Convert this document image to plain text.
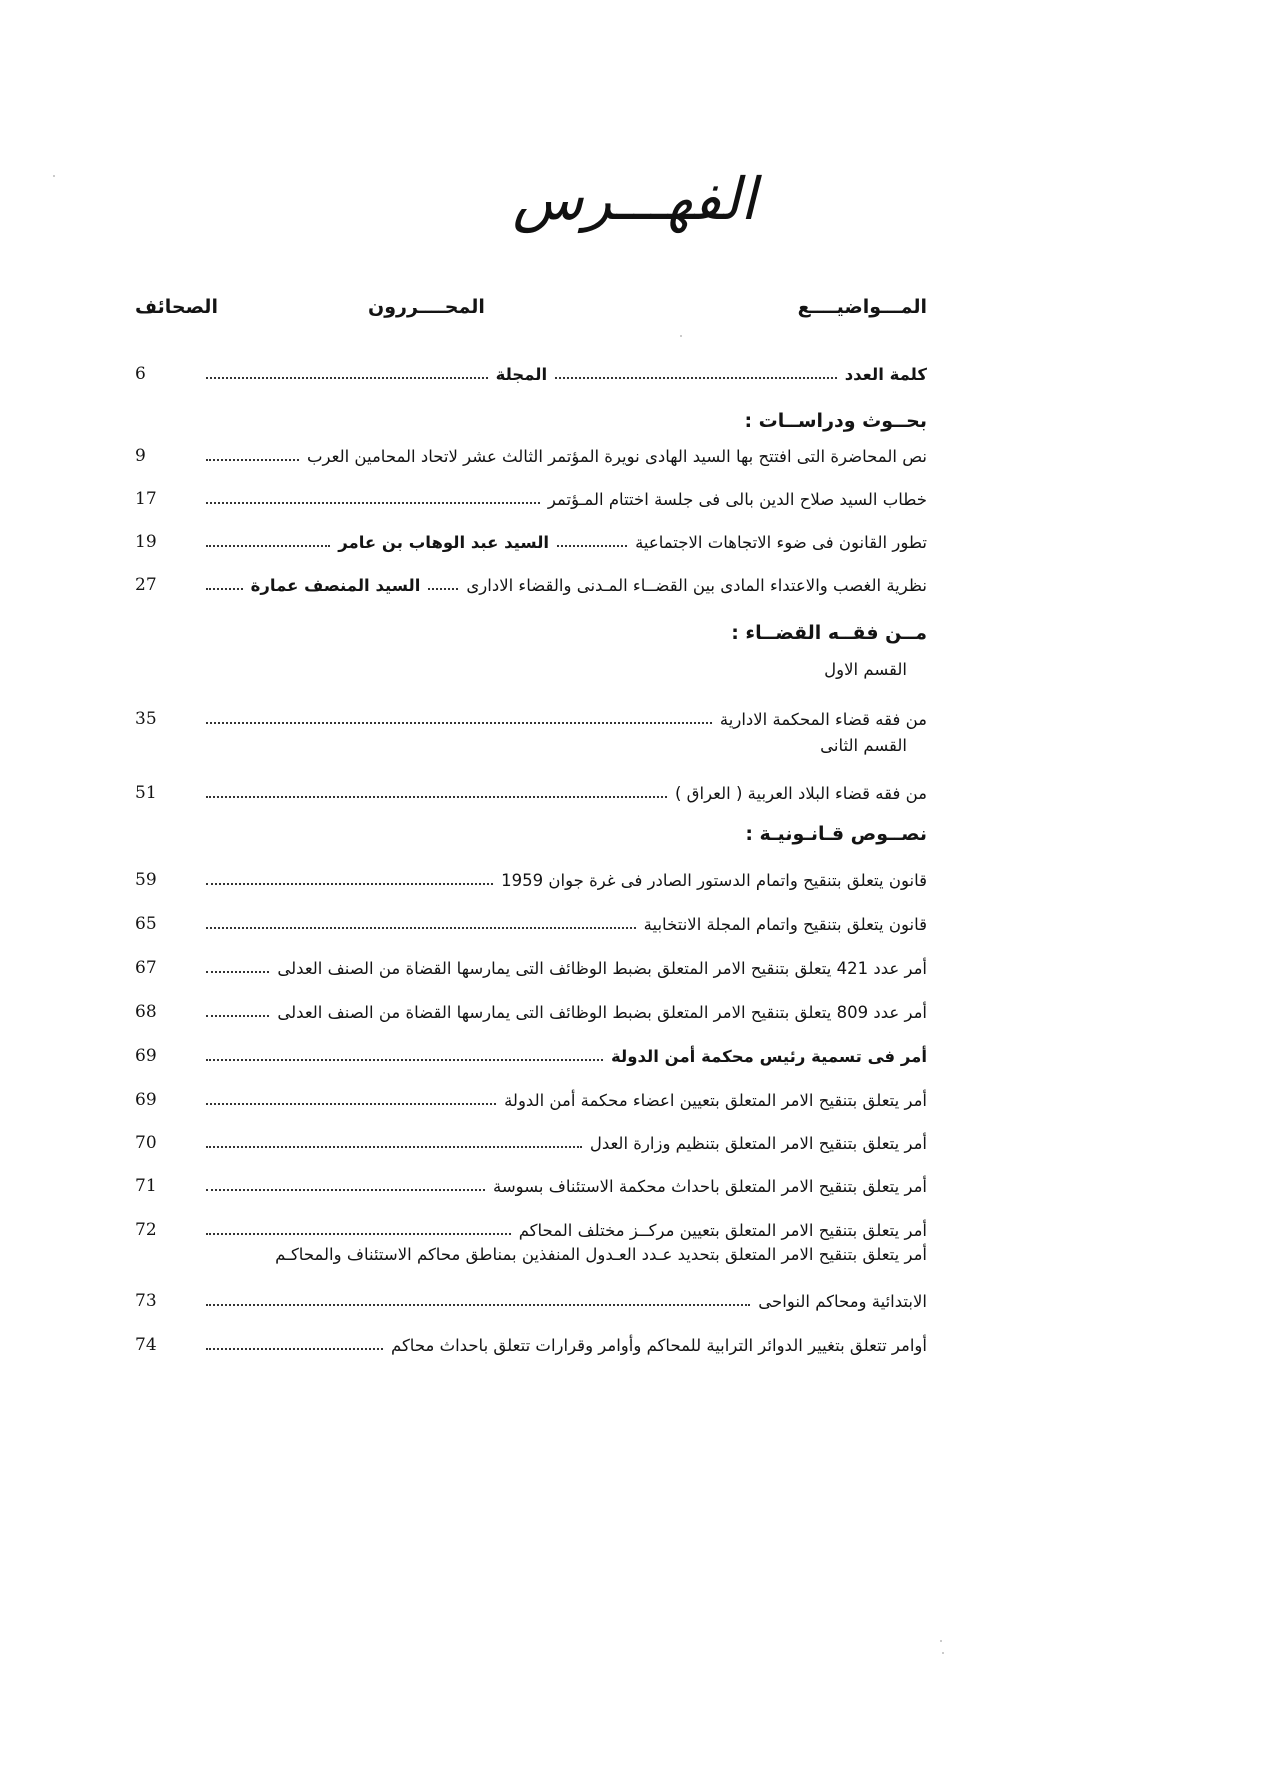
الفهـــرس
المـــواضيــــع
المحــــررون
الصحائف
كلمة العدد
المجلة
6
بحــوث ودراســات :
نص المحاضرة التى افتتح بها السيد الهادى نويرة المؤتمر الثالث عشر لاتحاد المحامين العرب
9
خطاب السيد صلاح الدين بالى فى جلسة اختتام المـؤتمر
17
تطور القانون فى ضوء الاتجاهات الاجتماعية
السيد عبد الوهاب بن عامر
19
نظرية الغصب والاعتداء المادى بين القضــاء المـدنى والقضاء الادارى
السيد المنصف عمارة
27
مــن فقــه القضــاء :
القسم الاول
من فقه قضاء المحكمة الادارية
35
القسم الثانى
من فقه قضاء البلاد العربية ( العراق )
51
نصــوص قـانـونيـة :
قانون يتعلق بتنقيح واتمام الدستور الصادر فى غرة جوان 1959
59
قانون يتعلق بتنقيح واتمام المجلة الانتخابية
65
أمر عدد 421 يتعلق بتنقيح الامر المتعلق بضبط الوظائف التى يمارسها القضاة من الصنف العدلى
67
أمر عدد 809 يتعلق بتنقيح الامر المتعلق بضبط الوظائف التى يمارسها القضاة من الصنف العدلى
68
أمر فى تسمية رئيس محكمة أمن الدولة
69
أمر يتعلق بتنقيح الامر المتعلق بتعيين اعضاء محكمة أمن الدولة
69
أمر يتعلق بتنقيح الامر المتعلق بتنظيم وزارة العدل
70
أمر يتعلق بتنقيح الامر المتعلق باحداث محكمة الاستئناف بسوسة
71
أمر يتعلق بتنقيح الامر المتعلق بتعيين مركــز مختلف المحاكم
72
أمر يتعلق بتنقيح الامر المتعلق بتحديد عـدد العـدول المنفذين بمناطق محاكم الاستئناف والمحاكـم
الابتدائية ومحاكم النواحى
73
أوامر تتعلق بتغيير الدوائر الترابية للمحاكم وأوامر وقرارات تتعلق باحداث محاكم
74
